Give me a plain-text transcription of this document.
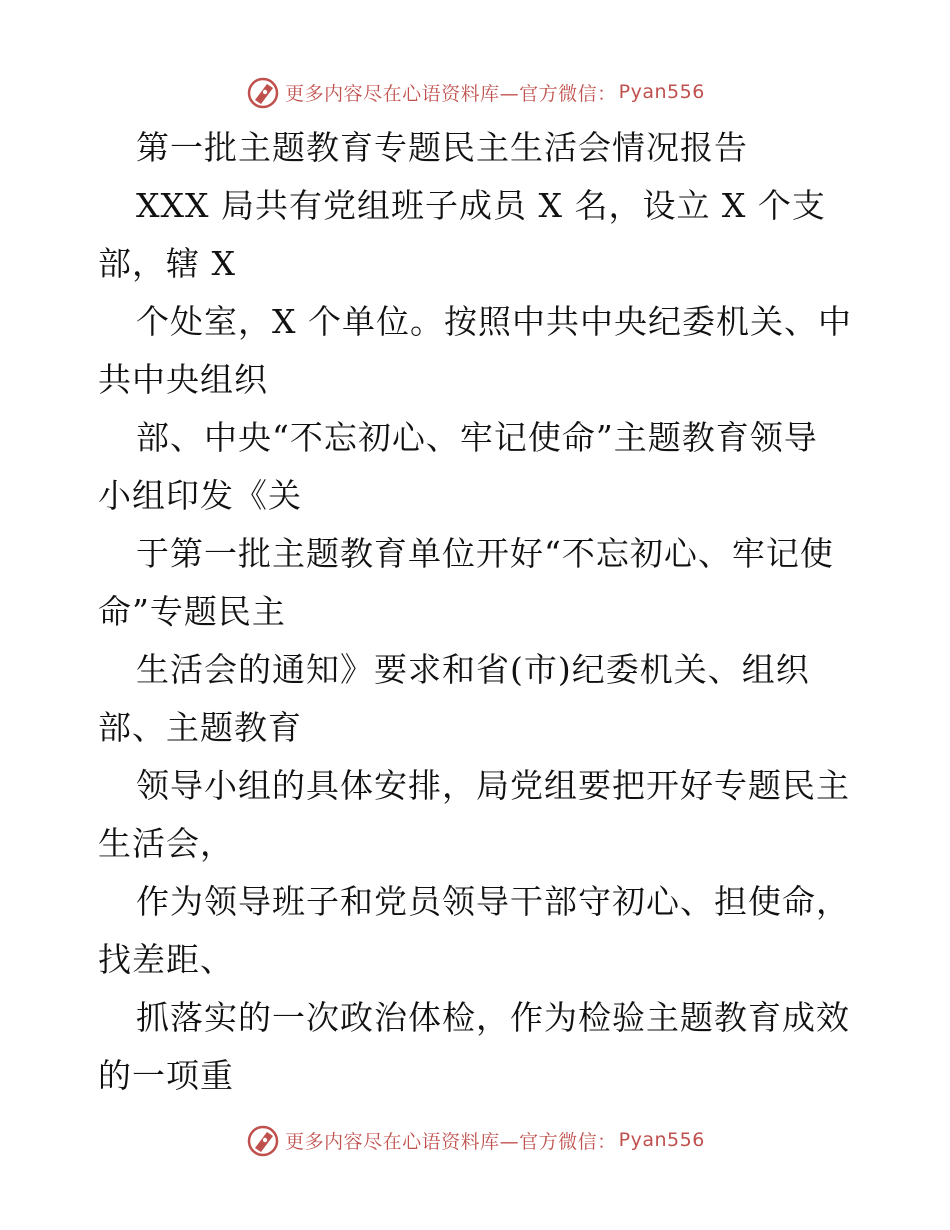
更多内容尽在心语资料库—官方微信： Pyan556
第一批主题教育专题民主生活会情况报告
XXX 局共有党组班子成员 X 名，设立 X 个支
部，辖 X
个处室，X 个单位。按照中共中央纪委机关、中
共中央组织
部、中央“不忘初心、牢记使命”主题教育领导
小组印发《关
于第一批主题教育单位开好“不忘初心、牢记使
命”专题民主
生活会的通知》要求和省(市)纪委机关、组织
部、主题教育
领导小组的具体安排，局党组要把开好专题民主
生活会，
作为领导班子和党员领导干部守初心、担使命，
找差距、
抓落实的一次政治体检，作为检验主题教育成效
的一项重
更多内容尽在心语资料库—官方微信： Pyan556
